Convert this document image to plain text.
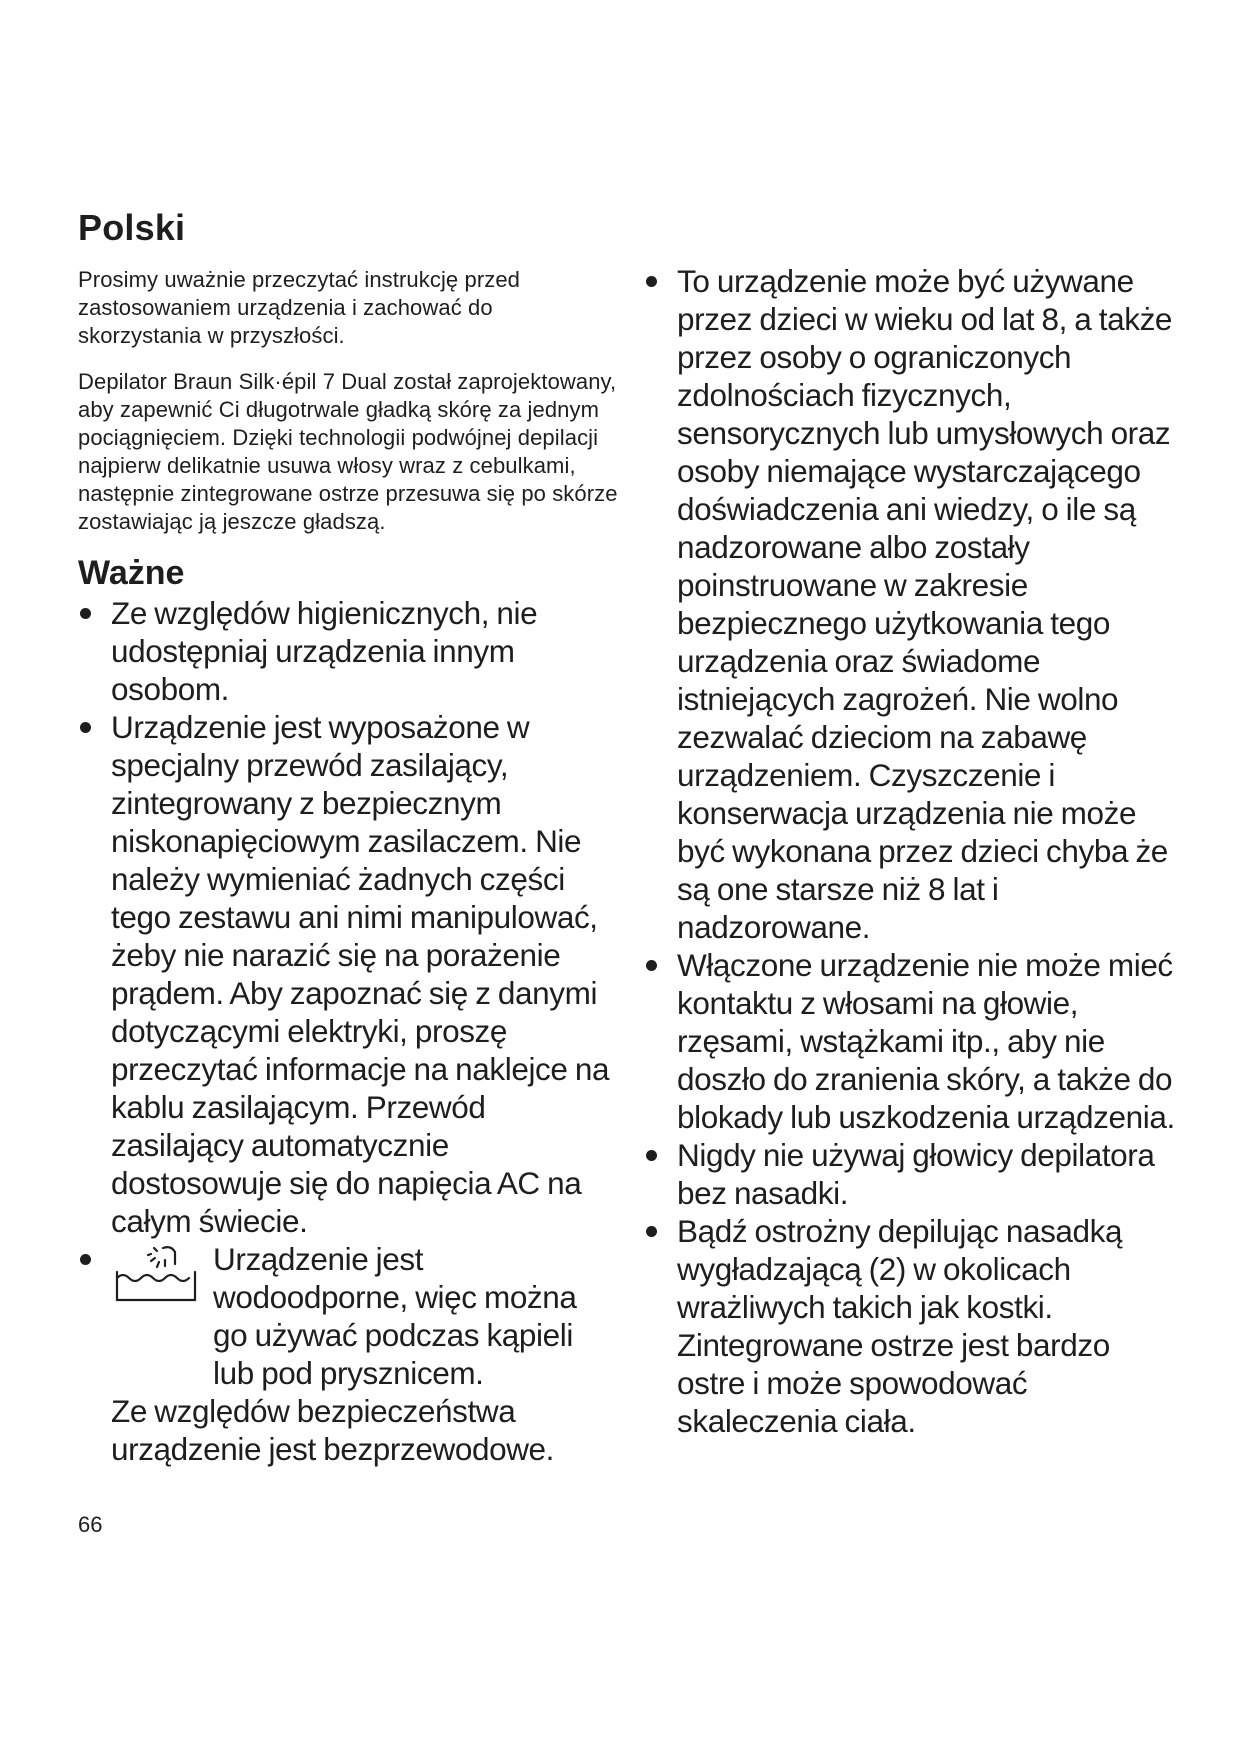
Polski

Prosimy uważnie przeczytać instrukcję przed zastosowaniem urządzenia i zachować do skorzystania w przyszłości.

Depilator Braun Silk·épil 7 Dual został zaprojektowany, aby zapewnić Ci długotrwale gładką skórę za jednym pociągnięciem. Dzięki technologii podwójnej depilacji najpierw delikatnie usuwa włosy wraz z cebulkami, następnie zintegrowane ostrze przesuwa się po skórze zostawiając ją jeszcze gładszą.

Ważne
Ze względów higienicznych, nie udostępniaj urządzenia innym osobom.
Urządzenie jest wyposażone w specjalny przewód zasilający, zintegrowany z bezpiecznym niskonapięciowym zasilaczem. Nie należy wymieniać żadnych części tego zestawu ani nimi manipulować, żeby nie narazić się na porażenie prądem. Aby zapoznać się z danymi dotyczącymi elektryki, proszę przeczytać informacje na naklejce na kablu zasilającym. Przewód zasilający automatycznie dostosowuje się do napięcia AC na całym świecie.
Urządzenie jest wodoodporne, więc można go używać podczas kąpieli lub pod prysznicem.
Ze względów bezpieczeństwa urządzenie jest bezprzewodowe.
To urządzenie może być używane przez dzieci w wieku od lat 8, a także przez osoby o ograniczonych zdolnościach fizycznych, sensorycznych lub umysłowych oraz osoby niemające wystarczającego doświadczenia ani wiedzy, o ile są nadzorowane albo zostały poinstruowane w zakresie bezpiecznego użytkowania tego urządzenia oraz świadome istniejących zagrożeń. Nie wolno zezwalać dzieciom na zabawę urządzeniem. Czyszczenie i konserwacja urządzenia nie może być wykonana przez dzieci chyba że są one starsze niż 8 lat i nadzorowane.
Włączone urządzenie nie może mieć kontaktu z włosami na głowie, rzęsami, wstążkami itp., aby nie doszło do zranienia skóry, a także do blokady lub uszkodzenia urządzenia.
Nigdy nie używaj głowicy depilatora bez nasadki.
Bądź ostrożny depilując nasadką wygładzającą (2) w okolicach wrażliwych takich jak kostki. Zintegrowane ostrze jest bardzo ostre i może spowodować skaleczenia ciała.
66
